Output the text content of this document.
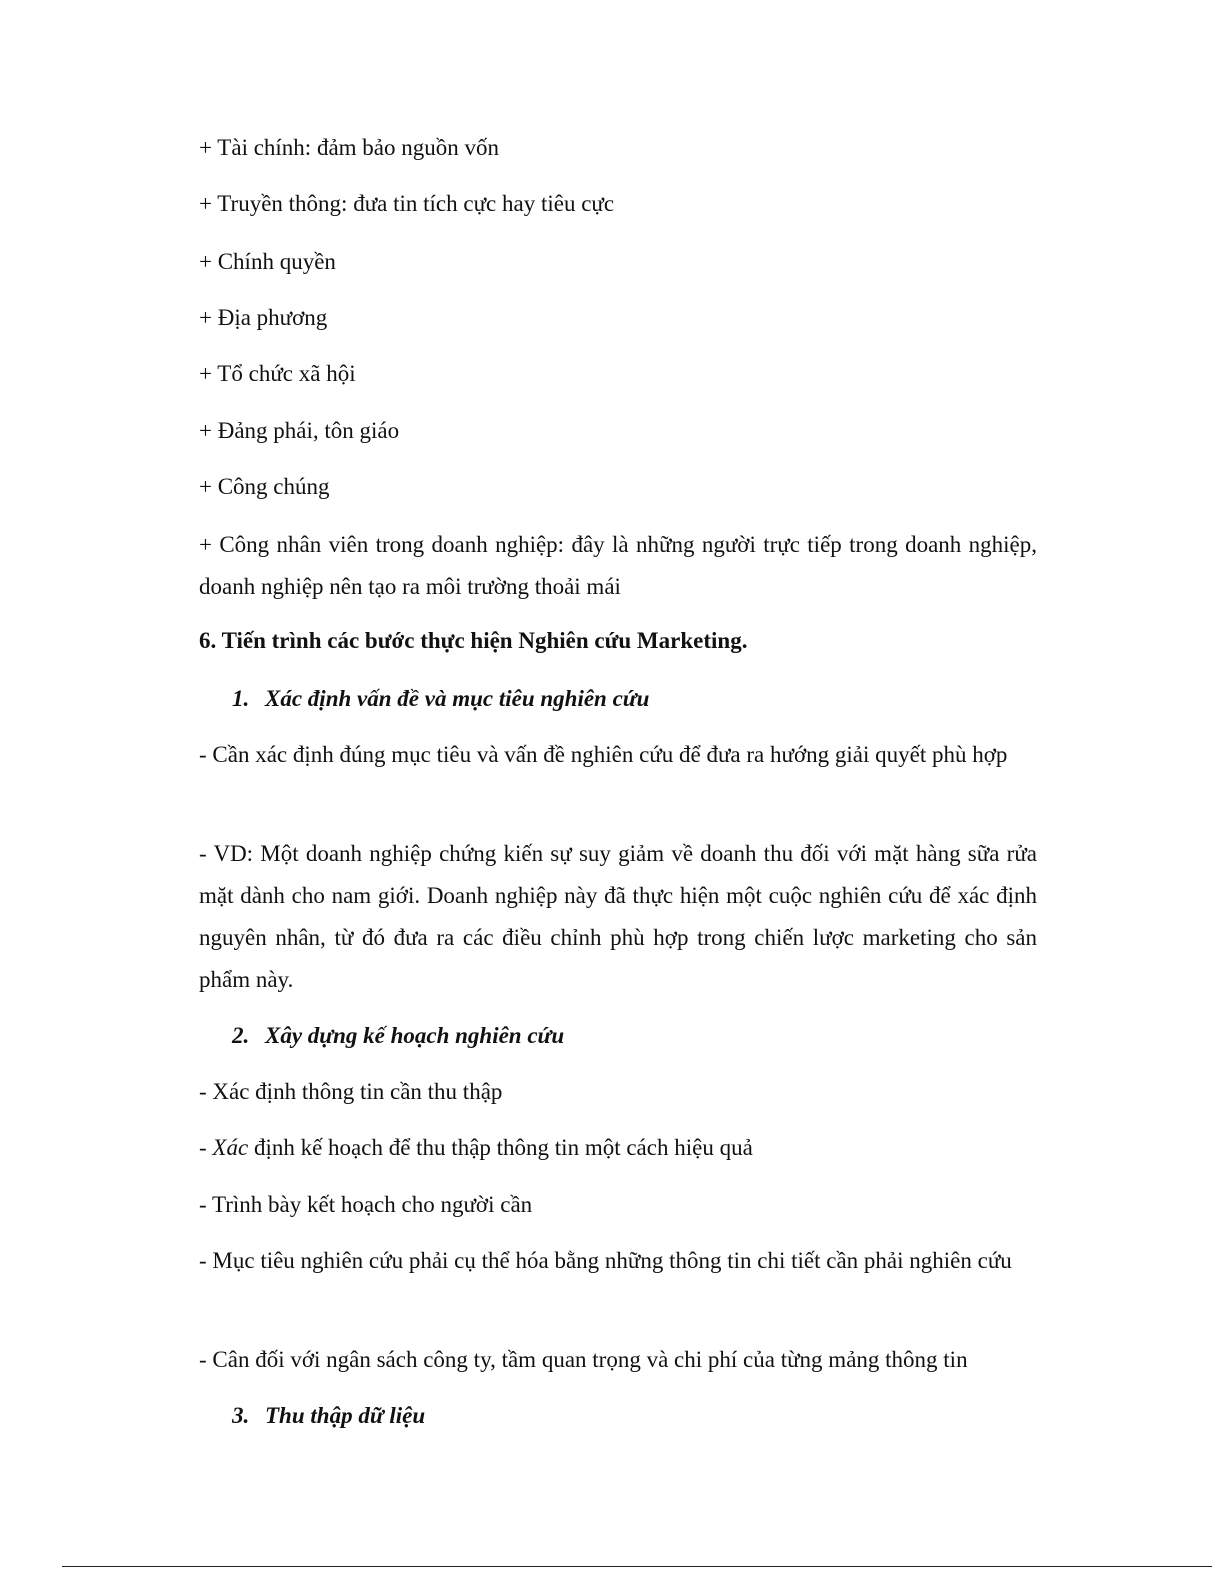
+ Tài chính: đảm bảo nguồn vốn
+ Truyền thông: đưa tin tích cực hay tiêu cực
+ Chính quyền
+ Địa phương
+ Tổ chức xã hội
+ Đảng phái, tôn giáo
+ Công chúng
+ Công nhân viên trong doanh nghiệp: đây là những người trực tiếp trong doanh nghiệp, doanh nghiệp nên tạo ra môi trường thoải mái
6. Tiến trình các bước thực hiện Nghiên cứu Marketing.
1. Xác định vấn đề và mục tiêu nghiên cứu
- Cần xác định đúng mục tiêu và vấn đề nghiên cứu để đưa ra hướng giải quyết phù hợp
- VD: Một doanh nghiệp chứng kiến sự suy giảm về doanh thu đối với mặt hàng sữa rửa mặt dành cho nam giới. Doanh nghiệp này đã thực hiện một cuộc nghiên cứu để xác định nguyên nhân, từ đó đưa ra các điều chỉnh phù hợp trong chiến lược marketing cho sản phẩm này.
2. Xây dựng kế hoạch nghiên cứu
- Xác định thông tin cần thu thập
- Xác định kế hoạch để thu thập thông tin một cách hiệu quả
- Trình bày kết hoạch cho người cần
- Mục tiêu nghiên cứu phải cụ thể hóa bằng những thông tin chi tiết cần phải nghiên cứu
- Cân đối với ngân sách công ty, tầm quan trọng và chi phí của từng mảng thông tin
3. Thu thập dữ liệu
